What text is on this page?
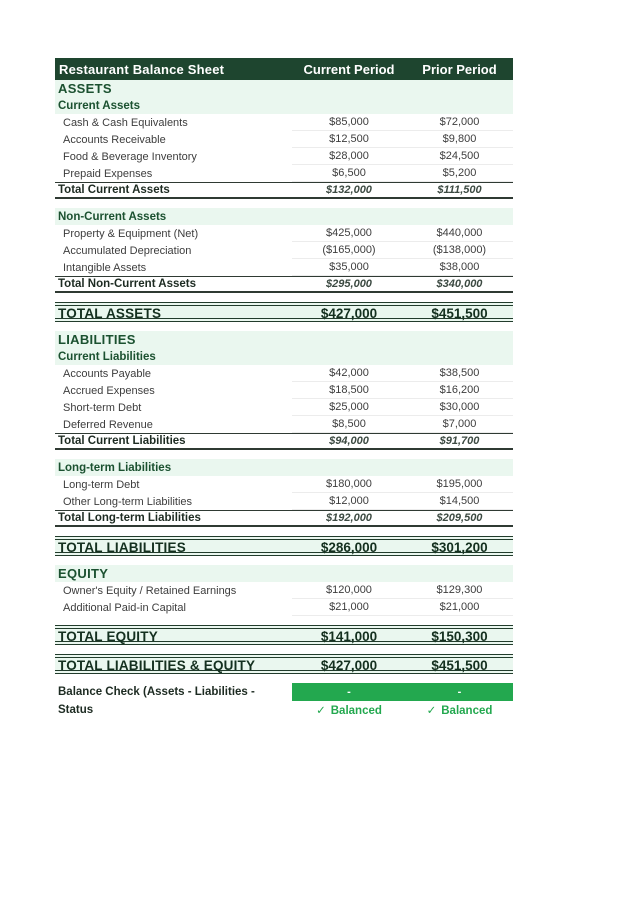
Restaurant Balance Sheet	Current Period	Prior Period
ASSETS
Current Assets
Cash & Cash Equivalents	$85,000	$72,000
Accounts Receivable	$12,500	$9,800
Food & Beverage Inventory	$28,000	$24,500
Prepaid Expenses	$6,500	$5,200
Total Current Assets	$132,000	$111,500
Non-Current Assets
Property & Equipment (Net)	$425,000	$440,000
Accumulated Depreciation	($165,000)	($138,000)
Intangible Assets	$35,000	$38,000
Total Non-Current Assets	$295,000	$340,000
TOTAL ASSETS	$427,000	$451,500
LIABILITIES
Current Liabilities
Accounts Payable	$42,000	$38,500
Accrued Expenses	$18,500	$16,200
Short-term Debt	$25,000	$30,000
Deferred Revenue	$8,500	$7,000
Total Current Liabilities	$94,000	$91,700
Long-term Liabilities
Long-term Debt	$180,000	$195,000
Other Long-term Liabilities	$12,000	$14,500
Total Long-term Liabilities	$192,000	$209,500
TOTAL LIABILITIES	$286,000	$301,200
EQUITY
Owner's Equity / Retained Earnings	$120,000	$129,300
Additional Paid-in Capital	$21,000	$21,000
TOTAL EQUITY	$141,000	$150,300
TOTAL LIABILITIES & EQUITY	$427,000	$451,500
Balance Check (Assets - Liabilities -	-	-
Status	✓ Balanced	✓ Balanced
